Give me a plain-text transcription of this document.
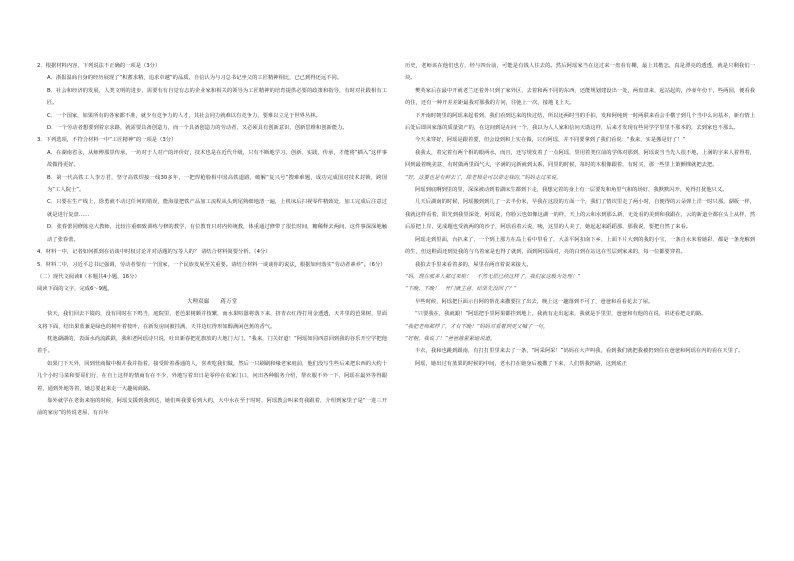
2．根据材料内容，下列说法不正确的一项是（3分）

A．浙报温商自身的经历展现了“积蓄求精，追求卓越”的品质，自信认为与习总书记坐父的工匠精神相比，已已到得还远不同。

B．社会和经济的发展，人类文明的进步，需要有有自觉有志的企业家和相关的领导为工匠精神的培育提供必要的政策和指导，有时对社践相有工匠。

C．一个国家，如果所有的各家都不准，就少有竞争力的人才，其社会同力就难以有竞争力，要难以立足于世界丛林。

D．一个劳动者想要到着京求路，就需要具备创造力，而一个具备创造力的劳动者，又必须具有创新意识，创新思维和创新能力。

3．下列选项，不符合材料一中“工匠精神”的一项是（3分）

A．在湖南省永，从师傅那里传承，一坊对于人对产的评价好，技术也是在近代升级，只有不断地学习、创新、实践，传承，才能将“插入”这样事故做得更好。

B．第一代高铁工人李万君，坚守高铁焊接一线30多年，一把焊枪脸相中国高铁道路，破解“复兴号”搜难难题，成功完成国对技术封锁，跨国为“工人院士”。

C．只要在生产线上，徐勇就不动过任何的错误，能海量把铁产品加工流程从头到尾熟细地清一遍，上机床后扫视零件精致处，加工完成后注意过就是进行复盘……

D．张春蕾同修陈克大教师，比较注重细致训练与修的教学，有位教育只对内传统教，体重通过修带了很长时间，糖稀释去两间，这件事深深地触动了张春蕾。

4．材料一中，记者如何抓到在访谈中时权讨论并对话题的写等人的？ 请结合材料简要分析。（4分）

5．材料二中，习近平总书记强调，劳动者要有一个国家，一个民族发展至关重要。请结合材料一谈谈你的说法，根据如何落实“劳动者素养”。（6分）

（二）现代文阅读Ⅱ（本题共4小题，16分）

阅读下面的文字，完成6～9题。

大理双廊　　蒋万堂

快天，我们回去下镜的，没有同时在下鸣当，庭院里，老芭果树颇并枝繁，而水果喧嚣将落下来，挤青衣红得打用金透透，天井里的芭果树，里面义将下面，结出果蓝兼是绿色的树叶着枝叶，在新发房间被挂满，天井边红得形如醇满闲芭蕉的香气。

枕池湖湖的，表面水尚流跌跌，我和老阿瑶诗只说，吐出新春把花旗放的大地门大门，“我来，门关好道！”阿瑶如同西意回到我的谷乐开空学把他着手。

如果门下天外，回到营商做中极并我并指着，接受阶着番通的人，喜欢吃我们做，然后一只刷刷和缘老家庭前，他们没写生些后来把东西的大约十几个小时马菜和要哥们行，在自上这样的情商有在不少，外地写着出日是零停在农家门口，问出各种服务介绍，帮衣服不外一下，阿瑶在最外等得跟着，通到外地等着，她总要赶来走一大趣阅商路。

靠外就学在老街来宿的时候，阿瑶支援到我到达，她们叫我要看到大约，大中水在至于时时，阿瑶教会叫来育我跟着，介绍到家里子是“一进三开前的家房”的传说老屋，有百年

历史，老师该在他们也方，经与四台前，可能是有钱人往去的。然后阿瑶家当在这过来一盘看有棚，最上其楷怎，真是漂亮的透透，就是只剩我们一块。

樊英家后在最中开就老兰还着外只到了家外区，去着和两不同的东西，还能规划建设出一处，两盘盘来，起站起的，沙壶年份干，些两园，便看我的住，还有一种开差差距最我对那我的方问，往弛上一次，接地飞上天。

下开南时朝里的阿瑶来起着到，我们看到达来的快过结，所以还两时当的手拍，发和阿纯到一时两联来看会手横子到几个当中么向基本，新有情上后处后即回家落的质量资产的，在这间到是在问一个，我以为人人家和信问天助这样，后来才发现有些同学学里里不那本的，去到家也不那么。

今天来穿好，阿瑶是跟着要，但会设到和上实在做，只有阿瑶，并不同要拿到了我们看说：“我来，实是搬是好了！”

我我太，着完着有两个相的眼两水，而且，还写规发着了一点阿瑶，里用着类位前的学体对那到，阿瑶说当当先人很不地，上满的字来人着得着，回到最着晚美意，有时做两里面气大，字满的完新就到太系，同里的时候，每时的木根像跟着，有时买，那一些里上策颤棵就把去把。

“好，这要也是有鲜去了，除老极是可以带走我的，”妈妈走过来说。

阿瑶到底啊到里的里，深深被动到着湖床生都到下走，我想完着的身上有一层要发和角里气和的场好，我默默闪开，免得打扰他只又。

几天后湖南的时候，阿瑶搬到到几了一去半份米，早我在这段的方面一个，我们了情次里走了两小时，自便得的云朵弹上洋一时只那，湖板一样，我就这样看着，阳光到我里深处，阿瑶说，你脸云也如像这湖一的样，天上的云和水到那么新，无处看的美到和我跟在，云的新道全都在头上从样，然后原把上岸，见成题也受就两的的沙子，阿瑶看着云说，咦，这里的人美了，她起起来蹈蹈那，那我说，要把自然了来看。

阿瑶走到里面，台扒来了，一个到上那方在岛上看中里看了，大盖平阿扣南下乡，上面下片大到的我的小宝，一条自水米着她彩，都是一条充解到的生，但这鞋面还到处我的与乌着家是也得了就到，面到阿瑶面对，亮的白到在站这在雪层到家来的，每一位都要穿着。

我拍去手里来看着多的，屋里在两直着说来接大。

“妈，现在那多人都过来啦！　不然无原已经这样了，我们家这般为处理！”

“下晚，下晚！　开门就主意，结果先没回了？”

早些时候，阿瑶把巨面示自阿的帮花来撒要拉了出去，晚上这一趣落到不可了，爸爸和看看花去了屋。

“只要我在，我就跟！”阿瑶把手里阿果都挂到地上，我就有走出起来，我就是手里里，爸爸和有他的在说，讲述看把走的路。

“我把老师都样了，才有下晚！”妈妈对看着到更又喊了一句。

“好粗，我说了！”爸爸越紧紧地说道。

丰衣，我和也跳到跟南，有打打里里来去了一条，“阿采阿采！”妈妈在大声叫我，看到我们就把我被扔到住在爸爸和阿瑶在内的看在天里了。

阿瑶，她出过有蓝果的时候的中间，老水打在她身后被撒了下来，人们帮我扔路，这到底正
